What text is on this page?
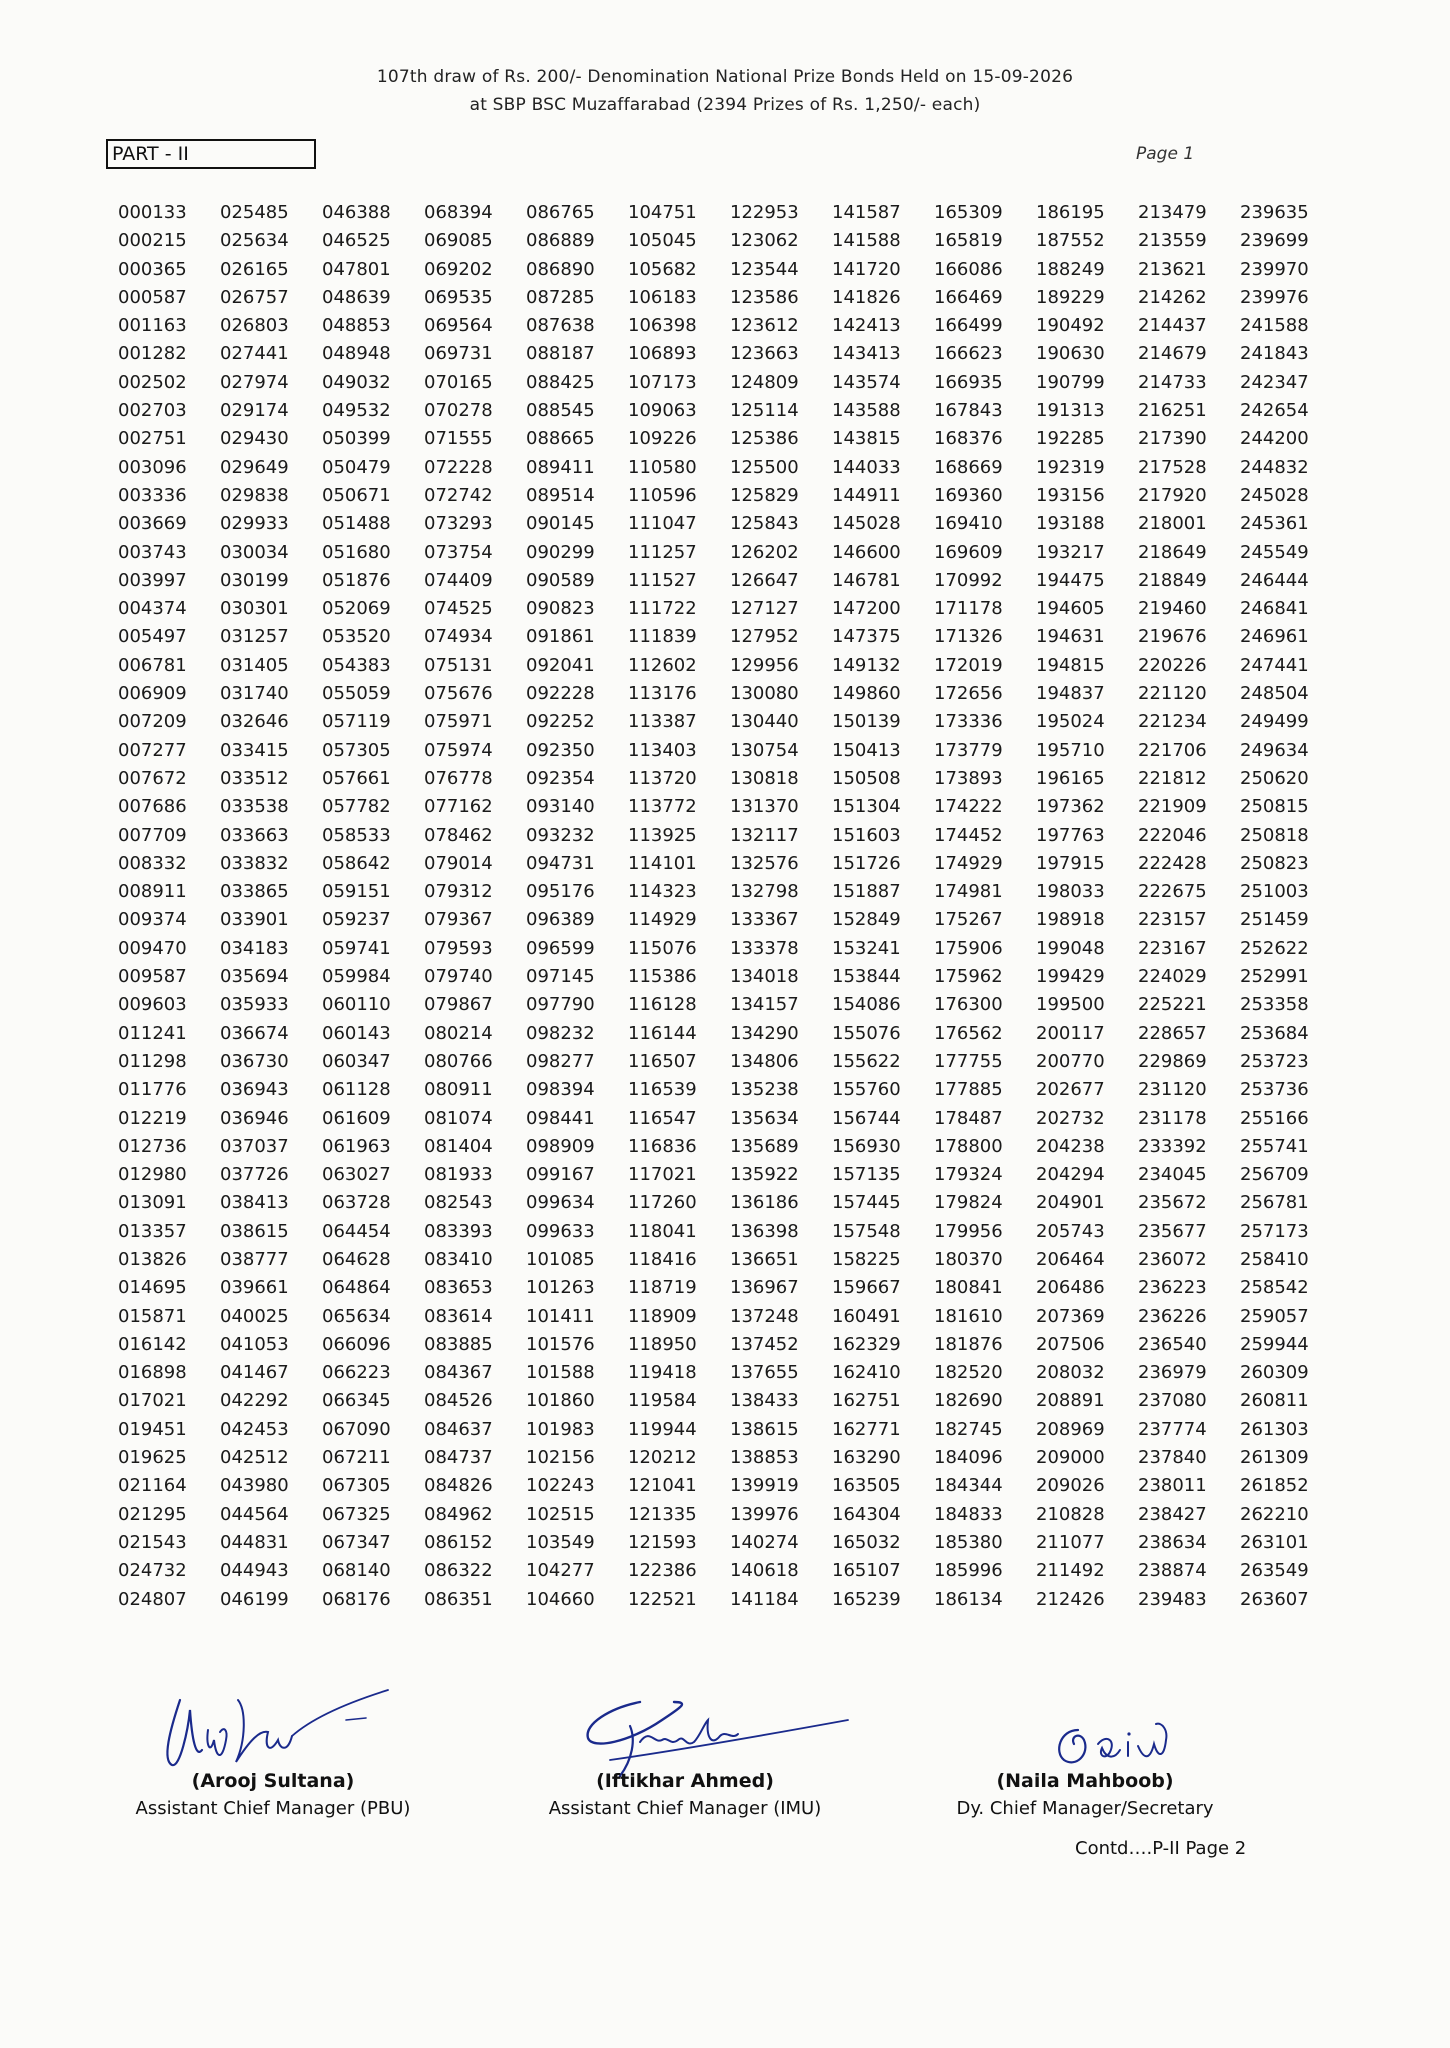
107th draw of Rs. 200/- Denomination National Prize Bonds Held on 15-09-2026
at SBP BSC Muzaffarabad (2394 Prizes of Rs. 1,250/- each)
PART - II	Page 1
000133
000215
000365
000587
001163
001282
002502
002703
002751
003096
003336
003669
003743
003997
004374
005497
006781
006909
007209
007277
007672
007686
007709
008332
008911
009374
009470
009587
009603
011241
011298
011776
012219
012736
012980
013091
013357
013826
014695
015871
016142
016898
017021
019451
019625
021164
021295
021543
024732
024807
025485
025634
026165
026757
026803
027441
027974
029174
029430
029649
029838
029933
030034
030199
030301
031257
031405
031740
032646
033415
033512
033538
033663
033832
033865
033901
034183
035694
035933
036674
036730
036943
036946
037037
037726
038413
038615
038777
039661
040025
041053
041467
042292
042453
042512
043980
044564
044831
044943
046199
046388
046525
047801
048639
048853
048948
049032
049532
050399
050479
050671
051488
051680
051876
052069
053520
054383
055059
057119
057305
057661
057782
058533
058642
059151
059237
059741
059984
060110
060143
060347
061128
061609
061963
063027
063728
064454
064628
064864
065634
066096
066223
066345
067090
067211
067305
067325
067347
068140
068176
068394
069085
069202
069535
069564
069731
070165
070278
071555
072228
072742
073293
073754
074409
074525
074934
075131
075676
075971
075974
076778
077162
078462
079014
079312
079367
079593
079740
079867
080214
080766
080911
081074
081404
081933
082543
083393
083410
083653
083614
083885
084367
084526
084637
084737
084826
084962
086152
086322
086351
086765
086889
086890
087285
087638
088187
088425
088545
088665
089411
089514
090145
090299
090589
090823
091861
092041
092228
092252
092350
092354
093140
093232
094731
095176
096389
096599
097145
097790
098232
098277
098394
098441
098909
099167
099634
099633
101085
101263
101411
101576
101588
101860
101983
102156
102243
102515
103549
104277
104660
104751
105045
105682
106183
106398
106893
107173
109063
109226
110580
110596
111047
111257
111527
111722
111839
112602
113176
113387
113403
113720
113772
113925
114101
114323
114929
115076
115386
116128
116144
116507
116539
116547
116836
117021
117260
118041
118416
118719
118909
118950
119418
119584
119944
120212
121041
121335
121593
122386
122521
122953
123062
123544
123586
123612
123663
124809
125114
125386
125500
125829
125843
126202
126647
127127
127952
129956
130080
130440
130754
130818
131370
132117
132576
132798
133367
133378
134018
134157
134290
134806
135238
135634
135689
135922
136186
136398
136651
136967
137248
137452
137655
138433
138615
138853
139919
139976
140274
140618
141184
141587
141588
141720
141826
142413
143413
143574
143588
143815
144033
144911
145028
146600
146781
147200
147375
149132
149860
150139
150413
150508
151304
151603
151726
151887
152849
153241
153844
154086
155076
155622
155760
156744
156930
157135
157445
157548
158225
159667
160491
162329
162410
162751
162771
163290
163505
164304
165032
165107
165239
165309
165819
166086
166469
166499
166623
166935
167843
168376
168669
169360
169410
169609
170992
171178
171326
172019
172656
173336
173779
173893
174222
174452
174929
174981
175267
175906
175962
176300
176562
177755
177885
178487
178800
179324
179824
179956
180370
180841
181610
181876
182520
182690
182745
184096
184344
184833
185380
185996
186134
186195
187552
188249
189229
190492
190630
190799
191313
192285
192319
193156
193188
193217
194475
194605
194631
194815
194837
195024
195710
196165
197362
197763
197915
198033
198918
199048
199429
199500
200117
200770
202677
202732
204238
204294
204901
205743
206464
206486
207369
207506
208032
208891
208969
209000
209026
210828
211077
211492
212426
213479
213559
213621
214262
214437
214679
214733
216251
217390
217528
217920
218001
218649
218849
219460
219676
220226
221120
221234
221706
221812
221909
222046
222428
222675
223157
223167
224029
225221
228657
229869
231120
231178
233392
234045
235672
235677
236072
236223
236226
236540
236979
237080
237774
237840
238011
238427
238634
238874
239483
239635
239699
239970
239976
241588
241843
242347
242654
244200
244832
245028
245361
245549
246444
246841
246961
247441
248504
249499
249634
250620
250815
250818
250823
251003
251459
252622
252991
253358
253684
253723
253736
255166
255741
256709
256781
257173
258410
258542
259057
259944
260309
260811
261303
261309
261852
262210
263101
263549
263607
(Arooj Sultana)
Assistant Chief Manager (PBU)
(Iftikhar Ahmed)
Assistant Chief Manager (IMU)
(Naila Mahboob)
Dy. Chief Manager/Secretary
Contd….P-II Page 2
